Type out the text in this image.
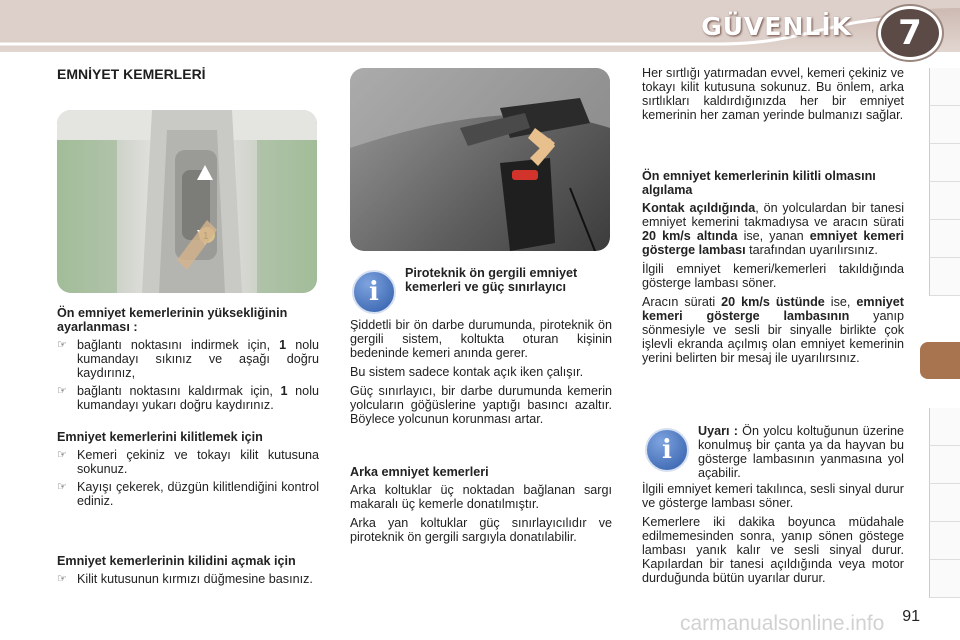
GÜVENLİK	7
EMNİYET KEMERLERİ
Ön emniyet kemerlerinin yüksekliğinin ayarlanması :
☞ bağlantı noktasını indirmek için, 1 nolu kumandayı sıkınız ve aşağı doğru kaydırınız,
☞ bağlantı noktasını kaldırmak için, 1 nolu kumandayı yukarı doğru kaydırınız.
Emniyet kemerlerini kilitlemek için
☞ Kemeri çekiniz ve tokayı kilit kutusuna sokunuz.
☞ Kayışı çekerek, düzgün kilitlendiğini kontrol ediniz.
Emniyet kemerlerinin kilidini açmak için
☞ Kilit kutusunun kırmızı düğmesine basınız.
i
Piroteknik ön gergili emniyet kemerleri ve güç sınırlayıcı

Şiddetli bir ön darbe durumunda, piroteknik ön gergili sistem, koltukta oturan kişinin bedeninde kemeri anında gerer.

Bu sistem sadece kontak açık iken çalışır.

Güç sınırlayıcı, bir darbe durumunda kemerin yolcuların göğüslerine yaptığı basıncı azaltır. Böylece yolcunun korunması artar.

Arka emniyet kemerleri

Arka koltuklar üç noktadan bağlanan sargı makaralı üç kemerle donatılmıştır.

Arka yan koltuklar güç sınırlayıcılıdır ve piroteknik ön gergili sargıyla donatılabilir.

Her sırtlığı yatırmadan evvel, kemeri çekiniz ve tokayı kilit kutusuna sokunuz. Bu önlem, arka sırtlıkları kaldırdığınızda her bir emniyet kemerinin her zaman yerinde bulmanızı sağlar.

Ön emniyet kemerlerinin kilitli olmasını algılama

Kontak açıldığında, ön yolculardan bir tanesi emniyet kemerini takmadıysa ve aracın sürati 20 km/s altında ise, yanan emniyet kemeri gösterge lambası tarafından uyarılırsınız.

İlgili emniyet kemeri/kemerleri takıldığında gösterge lambası söner.

Aracın sürati 20 km/s üstünde ise, emniyet kemeri gösterge lambasının yanıp sönmesiyle ve sesli bir sinyalle birlikte çok işlevli ekranda açılmış olan emniyet kemerinin yerini belirten bir mesaj ile uyarılırsınız.

i

Uyarı : Ön yolcu koltuğunun üzerine konulmuş bir çanta ya da hayvan bu gösterge lambasının yanmasına yol açabilir.

İlgili emniyet kemeri takılınca, sesli sinyal durur ve gösterge lambası söner.

Kemerlere iki dakika boyunca müdahale edilmemesinden sonra, yanıp sönen göstege lambası yanık kalır ve sesli sinyal durur. Kapılardan bir tanesi açıldığında veya motor durduğunda bütün uyarılar durur.

91
carmanualsonline.info
